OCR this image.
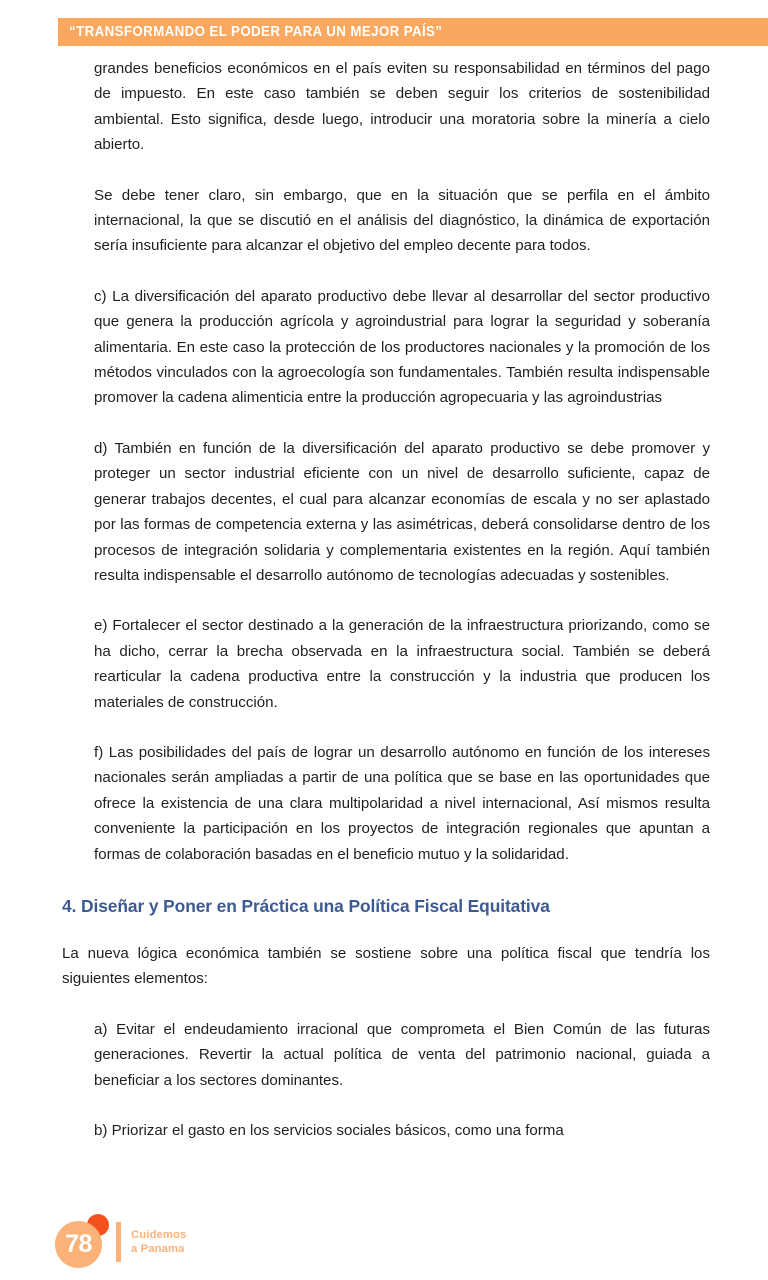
“TRANSFORMANDO EL PODER PARA UN MEJOR PAÍS”

grandes beneficios económicos en el país eviten su responsabilidad en términos del pago de impuesto. En este caso también se deben seguir los criterios de sostenibilidad ambiental. Esto significa, desde luego, introducir una moratoria sobre la minería a cielo abierto.

Se debe tener claro, sin embargo, que en la situación que se perfila en el ámbito internacional, la que se discutió en el análisis del diagnóstico, la dinámica de exportación sería insuficiente para alcanzar el objetivo del empleo decente para todos.

c) La diversificación del aparato productivo debe llevar al desarrollar del sector productivo que genera la producción agrícola y agroindustrial para lograr la seguridad y soberanía alimentaria. En este caso la protección de los productores nacionales y la promoción de los métodos vinculados con la agroecología son fundamentales. También resulta indispensable promover la cadena alimenticia entre la producción agropecuaria y las agroindustrias

d) También en función de la diversificación del aparato productivo se debe promover y proteger un sector industrial eficiente con un nivel de desarrollo suficiente, capaz de generar trabajos decentes, el cual para alcanzar economías de escala y no ser aplastado por las formas de competencia externa y las asimétricas, deberá consolidarse dentro de los procesos de integración solidaria y complementaria existentes en la región. Aquí también resulta indispensable el desarrollo autónomo de tecnologías adecuadas y sostenibles.

e) Fortalecer el sector destinado a la generación de la infraestructura priorizando, como se ha dicho, cerrar la brecha observada en la infraestructura social. También se deberá rearticular la cadena productiva entre la construcción y la industria que producen los materiales de construcción.

f) Las posibilidades del país de lograr un desarrollo autónomo en función de los intereses nacionales serán ampliadas a partir de una política que se base en las oportunidades que ofrece la existencia de una clara multipolaridad a nivel internacional, Así mismos resulta conveniente la participación en los proyectos de integración regionales que apuntan a formas de colaboración basadas en el beneficio mutuo y la solidaridad.

4. Diseñar y Poner en Práctica una Política Fiscal Equitativa

La nueva lógica económica también se sostiene sobre una política fiscal que tendría los siguientes elementos:

a) Evitar el endeudamiento irracional que comprometa el Bien Común de las futuras generaciones. Revertir la actual política de venta del patrimonio nacional, guiada a beneficiar a los sectores dominantes.

b) Priorizar el gasto en los servicios sociales básicos, como una forma

78	Cuidemos
a Panama
